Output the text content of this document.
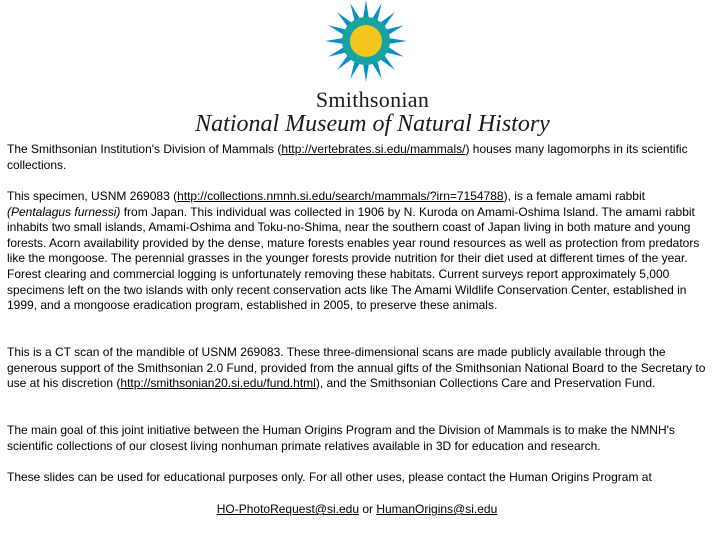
Smithsonian
National Museum of Natural History
The Smithsonian Institution's Division of Mammals (http://vertebrates.si.edu/mammals/) houses many lagomorphs in its scientific collections.
This specimen, USNM 269083 (http://collections.nmnh.si.edu/search/mammals/?irn=7154788), is a female amami rabbit (Pentalagus furnessi) from Japan. This individual was collected in 1906 by N. Kuroda on Amami-Oshima Island. The amami rabbit inhabits two small islands, Amami-Oshima and Toku-no-Shima, near the southern coast of Japan living in both mature and young forests. Acorn availability provided by the dense, mature forests enables year round resources as well as protection from predators like the mongoose. The perennial grasses in the younger forests provide nutrition for their diet used at different times of the year. Forest clearing and commercial logging is unfortunately removing these habitats. Current surveys report approximately 5,000 specimens left on the two islands with only recent conservation acts like The Amami Wildlife Conservation Center, established in 1999, and a mongoose eradication program, established in 2005, to preserve these animals.
This is a CT scan of the mandible of USNM 269083. These three-dimensional scans are made publicly available through the generous support of the Smithsonian 2.0 Fund, provided from the annual gifts of the Smithsonian National Board to the Secretary to use at his discretion (http://smithsonian20.si.edu/fund.html), and the Smithsonian Collections Care and Preservation Fund.
The main goal of this joint initiative between the Human Origins Program and the Division of Mammals is to make the NMNH's scientific collections of our closest living nonhuman primate relatives available in 3D for education and research.
These slides can be used for educational purposes only. For all other uses, please contact the Human Origins Program at
HO-PhotoRequest@si.edu or HumanOrigins@si.edu
